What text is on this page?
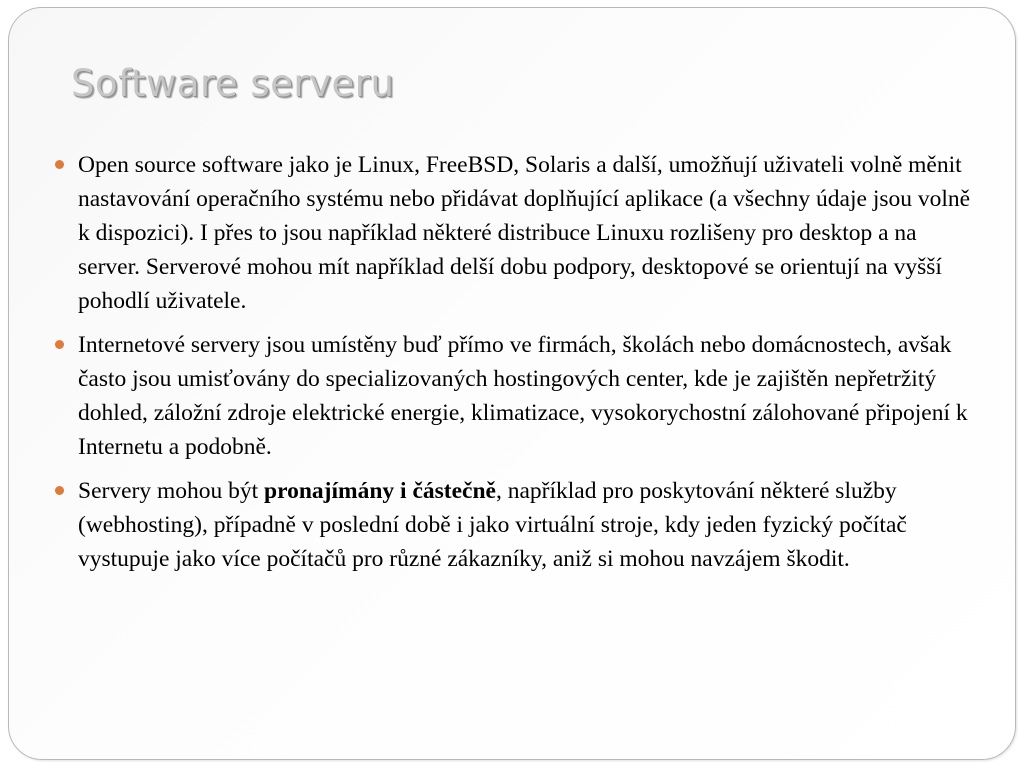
Software serveru
Open source software jako je Linux, FreeBSD, Solaris a další, umožňují uživateli volně měnit nastavování operačního systému nebo přidávat doplňující aplikace (a všechny údaje jsou volně k dispozici). I přes to jsou například některé distribuce Linuxu rozlišeny pro desktop a na server. Serverové mohou mít například delší dobu podpory, desktopové se orientují na vyšší pohodlí uživatele.
Internetové servery jsou umístěny buď přímo ve firmách, školách nebo domácnostech, avšak často jsou umisťovány do specializovaných hostingových center, kde je zajištěn nepřetržitý dohled, záložní zdroje elektrické energie, klimatizace, vysokorychostní zálohované připojení k Internetu a podobně.
Servery mohou být pronajímány i částečně, například pro poskytování některé služby (webhosting), případně v poslední době i jako virtuální stroje, kdy jeden fyzický počítač vystupuje jako více počítačů pro různé zákazníky, aniž si mohou navzájem škodit.
